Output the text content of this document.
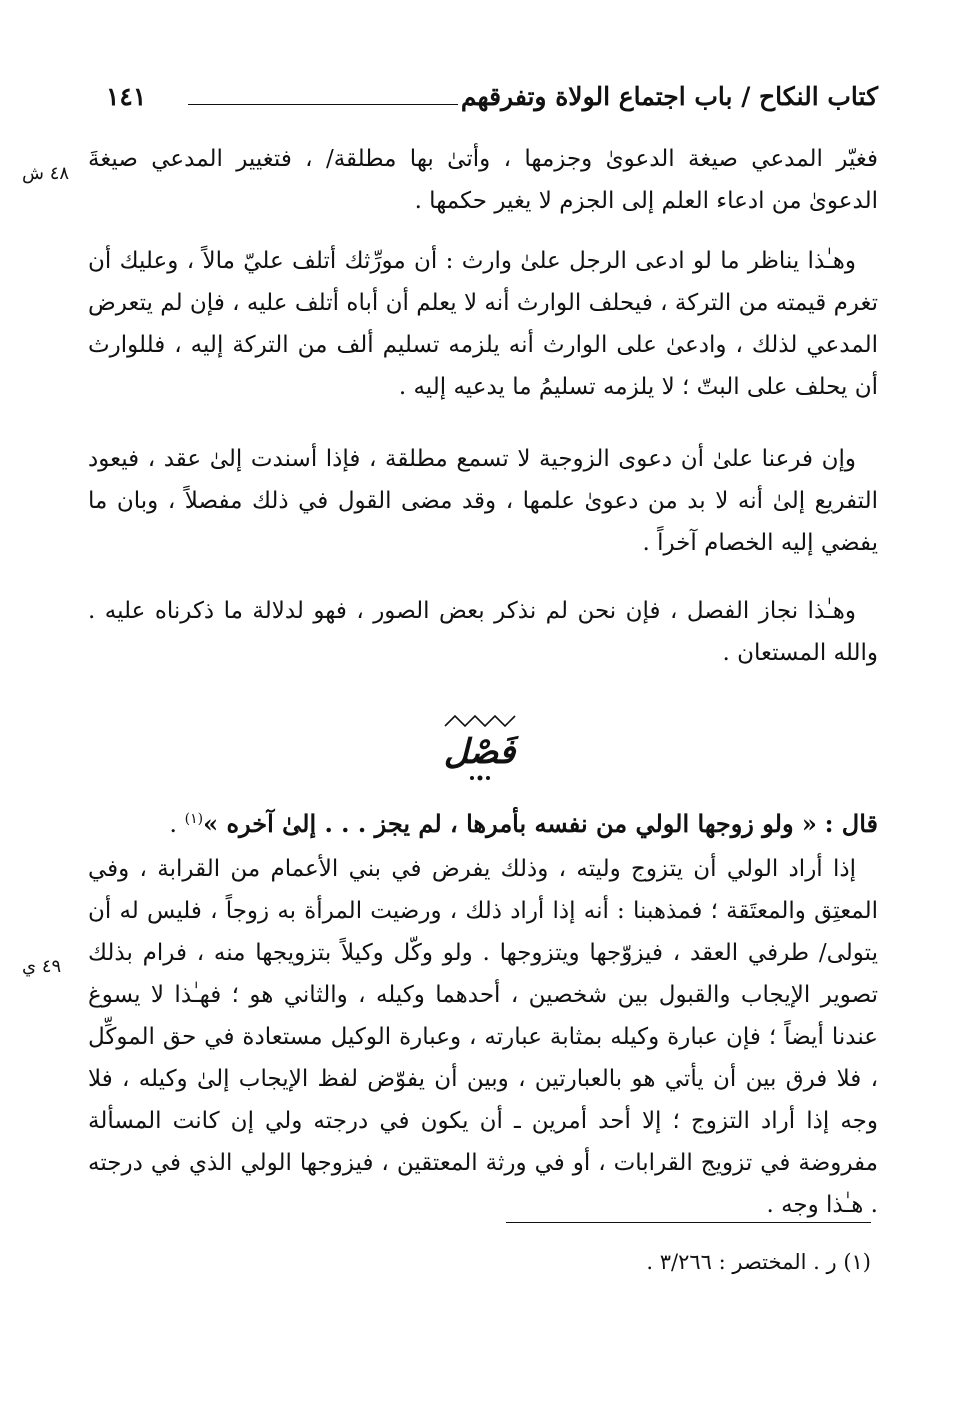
كتاب النكاح / باب اجتماع الولاة وتفرقهم
١٤١
٤٨ ش
فغيّر المدعي صيغة الدعوىٰ وجزمها ، وأتىٰ بها مطلقة/ ، فتغيير المدعي صيغةَ الدعوىٰ من ادعاء العلم إلى الجزم لا يغير حكمها .
وهـٰذا يناظر ما لو ادعى الرجل علىٰ وارث : أن مورِّثك أتلف عليّ مالاً ، وعليك أن تغرم قيمته من التركة ، فيحلف الوارث أنه لا يعلم أن أباه أتلف عليه ، فإن لم يتعرض المدعي لذلك ، وادعىٰ على الوارث أنه يلزمه تسليم ألف من التركة إليه ، فللوارث أن يحلف على البتّ ؛ لا يلزمه تسليمُ ما يدعيه إليه .
وإن فرعنا علىٰ أن دعوى الزوجية لا تسمع مطلقة ، فإذا أسندت إلىٰ عقد ، فيعود التفريع إلىٰ أنه لا بد من دعوىٰ علمها ، وقد مضى القول في ذلك مفصلاً ، وبان ما يفضي إليه الخصام آخراً .
وهـٰذا نجاز الفصل ، فإن نحن لم نذكر بعض الصور ، فهو لدلالة ما ذكرناه عليه . والله المستعان .
فَصْل
قال : « ولو زوجها الولي من نفسه بأمرها ، لم يجز . . . إلىٰ آخره »$^{(١)}$ .
٤٩ ي
إذا أراد الولي أن يتزوج وليته ، وذلك يفرض في بني الأعمام من القرابة ، وفي المعتِق والمعتَقة ؛ فمذهبنا : أنه إذا أراد ذلك ، ورضيت المرأة به زوجاً ، فليس له أن يتولى/ طرفي العقد ، فيزوّجها ويتزوجها . ولو وكّل وكيلاً بتزويجها منه ، فرام بذلك تصوير الإيجاب والقبول بين شخصين ، أحدهما وكيله ، والثاني هو ؛ فهـٰذا لا يسوغ عندنا أيضاً ؛ فإن عبارة وكيله بمثابة عبارته ، وعبارة الوكيل مستعادة في حق الموكِّل ، فلا فرق بين أن يأتي هو بالعبارتين ، وبين أن يفوّض لفظ الإيجاب إلىٰ وكيله ، فلا وجه إذا أراد التزوج ؛ إلا أحد أمرين ـ أن يكون في درجته ولي إن كانت المسألة مفروضة في تزويج القرابات ، أو في ورثة المعتقين ، فيزوجها الولي الذي في درجته . هـٰذا وجه .
(١) ر . المختصر : ٣/٢٦٦ .
